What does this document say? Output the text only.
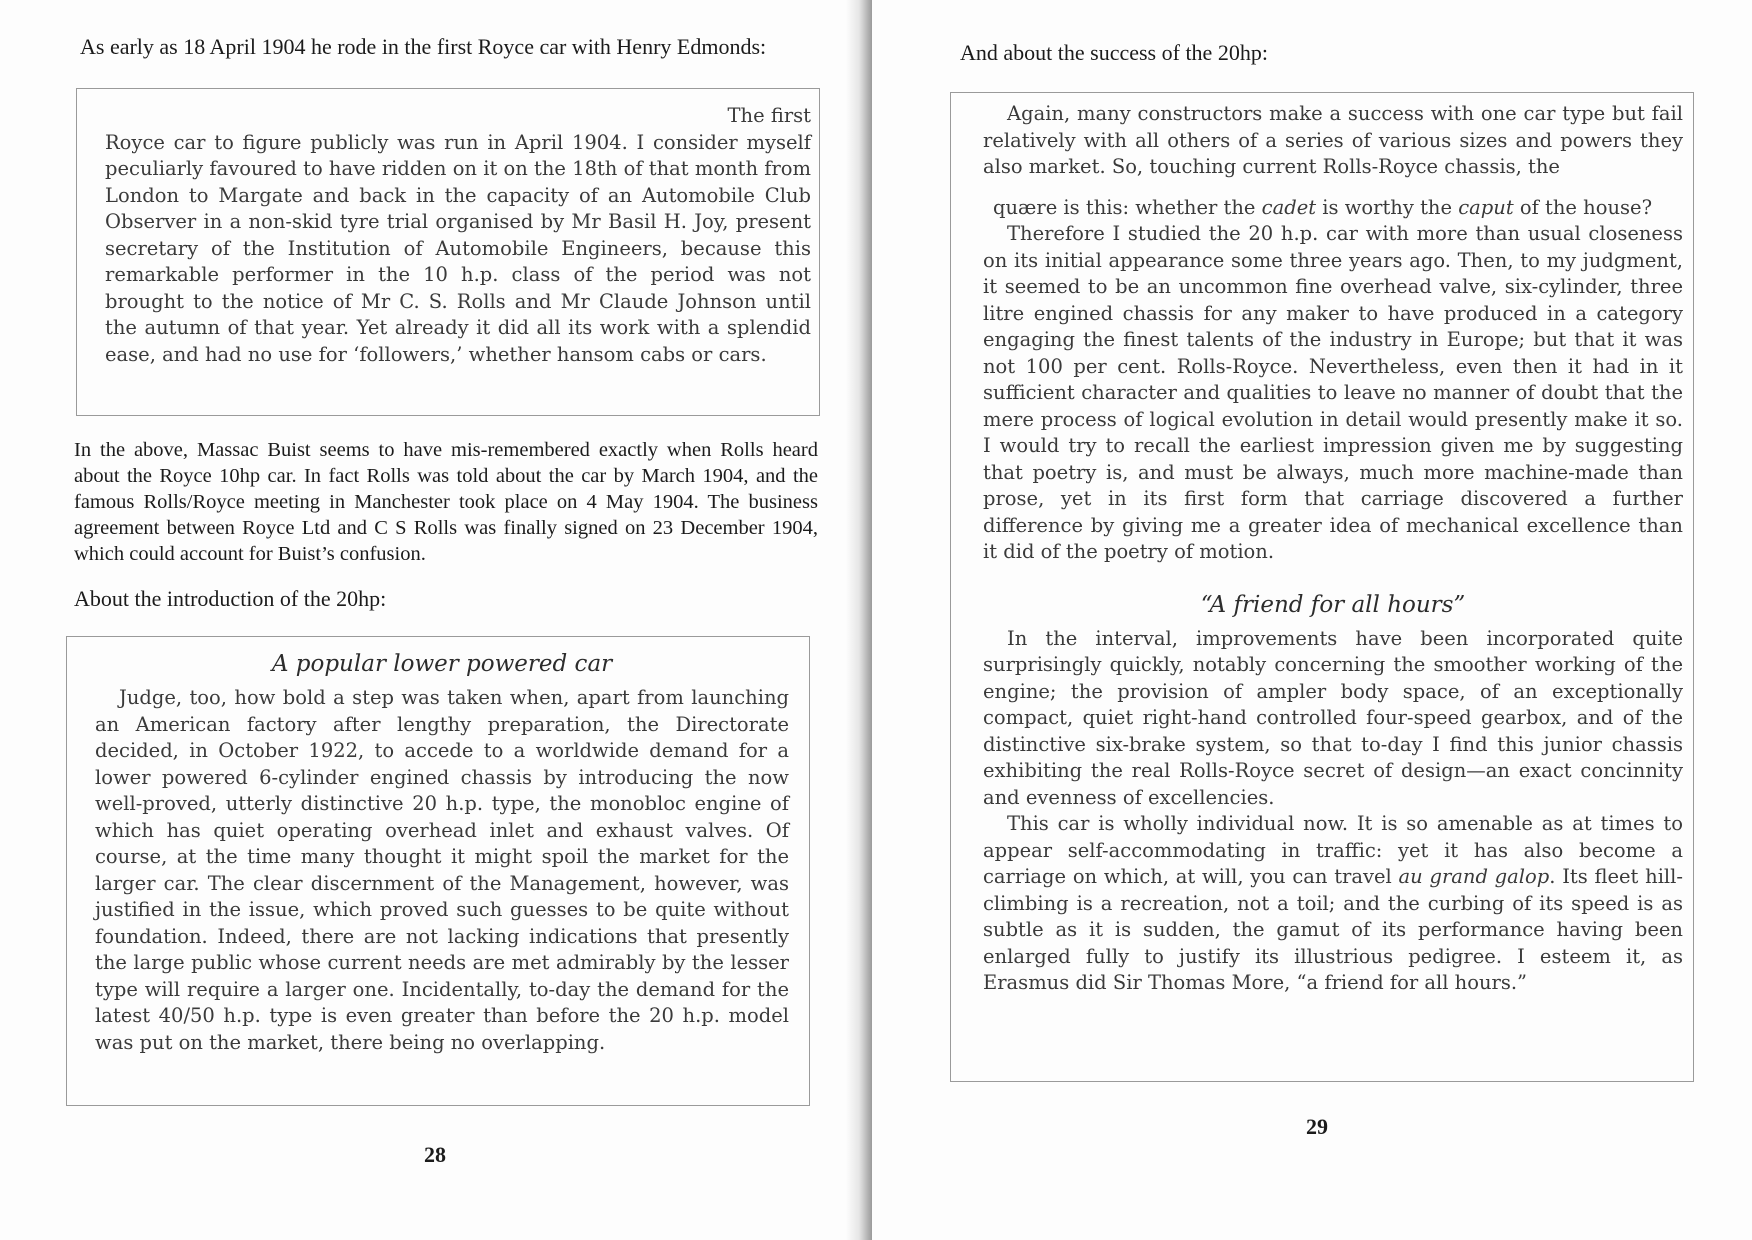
As early as 18 April 1904 he rode in the first Royce car with Henry Edmonds:

The first

Royce car to figure publicly was run in April 1904. I consider myself peculiarly favoured to have ridden on it on the 18th of that month from London to Margate and back in the capacity of an Automobile Club Observer in a non-skid tyre trial organised by Mr Basil H. Joy, present secretary of the Institution of Automobile Engineers, because this remarkable performer in the 10 h.p. class of the period was not brought to the notice of Mr C. S. Rolls and Mr Claude Johnson until the autumn of that year. Yet already it did all its work with a splendid ease, and had no use for ‘followers,’ whether hansom cabs or cars.

In the above, Massac Buist seems to have mis-remembered exactly when Rolls heard about the Royce 10hp car. In fact Rolls was told about the car by March 1904, and the famous Rolls/Royce meeting in Manchester took place on 4 May 1904. The business agreement between Royce Ltd and C S Rolls was finally signed on 23 December 1904, which could account for Buist’s confusion.

About the introduction of the 20hp:

A popular lower powered car

Judge, too, how bold a step was taken when, apart from launching an American factory after lengthy preparation, the Directorate decided, in October 1922, to accede to a worldwide demand for a lower powered 6-cylinder engined chassis by introducing the now well-proved, utterly distinctive 20 h.p. type, the monobloc engine of which has quiet operating overhead inlet and exhaust valves. Of course, at the time many thought it might spoil the market for the larger car. The clear discernment of the Management, however, was justified in the issue, which proved such guesses to be quite without foundation. Indeed, there are not lacking indications that presently the large public whose current needs are met admirably by the lesser type will require a larger one. Incidentally, to-day the demand for the latest 40/50 h.p. type is even greater than before the 20 h.p. model was put on the market, there being no overlapping.

28

And about the success of the 20hp:

Again, many constructors make a success with one car type but fail relatively with all others of a series of various sizes and powers they also market. So, touching current Rolls-Royce chassis, the

quære is this: whether the cadet is worthy the caput of the house?

Therefore I studied the 20 h.p. car with more than usual closeness on its initial appearance some three years ago. Then, to my judgment, it seemed to be an uncommon fine overhead valve, six-cylinder, three litre engined chassis for any maker to have produced in a category engaging the finest talents of the industry in Europe; but that it was not 100 per cent. Rolls-Royce. Nevertheless, even then it had in it sufficient character and qualities to leave no manner of doubt that the mere process of logical evolution in detail would presently make it so. I would try to recall the earliest impression given me by suggesting that poetry is, and must be always, much more machine-made than prose, yet in its first form that carriage discovered a further difference by giving me a greater idea of mechanical excellence than it did of the poetry of motion.

“A friend for all hours”

In the interval, improvements have been incorporated quite surprisingly quickly, notably concerning the smoother working of the engine; the provision of ampler body space, of an exceptionally compact, quiet right-hand controlled four-speed gearbox, and of the distinctive six-brake system, so that to-day I find this junior chassis exhibiting the real Rolls-Royce secret of design—an exact concinnity and evenness of excellencies.

This car is wholly individual now. It is so amenable as at times to appear self-accommodating in traffic: yet it has also become a carriage on which, at will, you can travel au grand galop. Its fleet hill-climbing is a recreation, not a toil; and the curbing of its speed is as subtle as it is sudden, the gamut of its performance having been enlarged fully to justify its illustrious pedigree. I esteem it, as Erasmus did Sir Thomas More, “a friend for all hours.”

29
